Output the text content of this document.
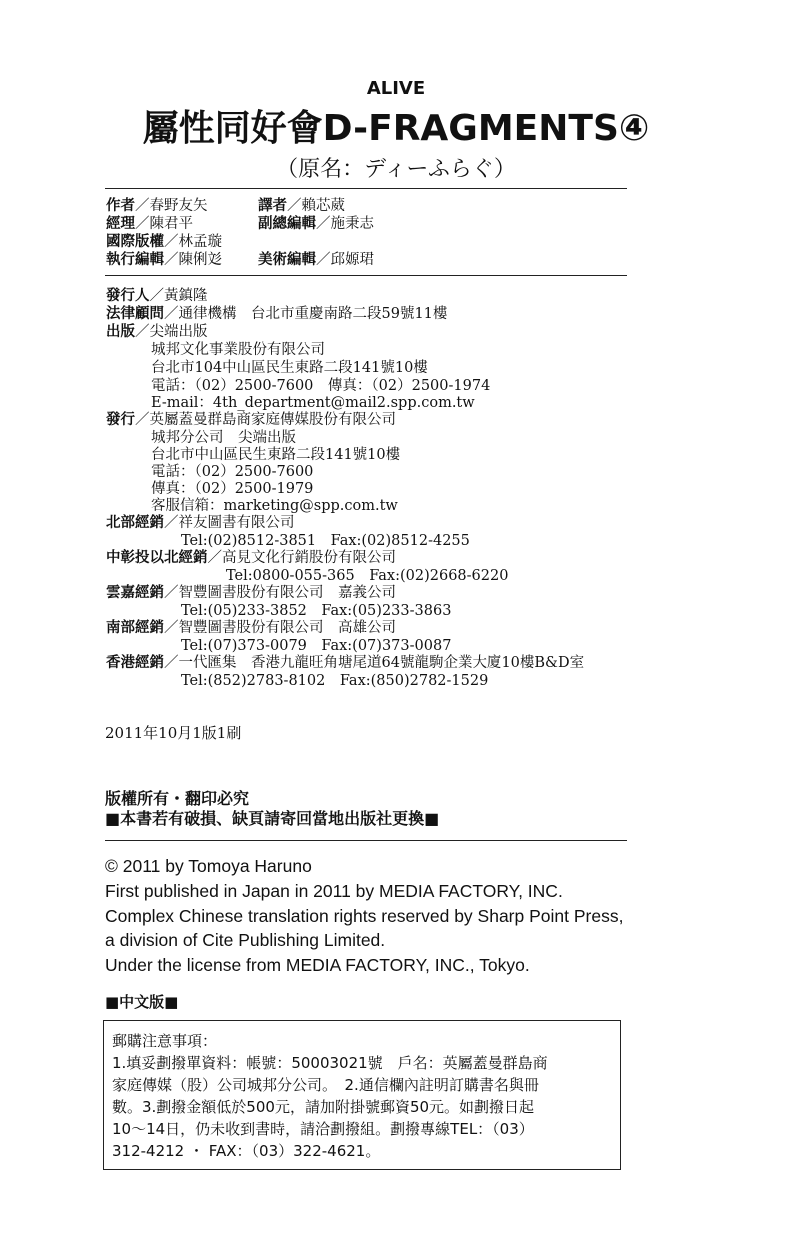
ALIVE
屬性同好會D-FRAGMENTS④
（原名：ディーふらぐ）
作者／春野友矢	譯者／賴芯葳
經理／陳君平	副總編輯／施秉志
國際版權／林孟璇
執行編輯／陳俐彣 美術編輯／邱嫄珺
發行人／黃鎮隆
法律顧問／通律機構　台北市重慶南路二段59號11樓
出版／尖端出版
城邦文化事業股份有限公司
台北市104中山區民生東路二段141號10樓
電話：（02）2500-7600　傳真：（02）2500-1974
E-mail：4th_department@mail2.spp.com.tw
發行／英屬蓋曼群島商家庭傳媒股份有限公司
城邦分公司　尖端出版
台北市中山區民生東路二段141號10樓
電話：（02）2500-7600
傳真：（02）2500-1979
客服信箱：marketing@spp.com.tw
北部經銷／祥友圖書有限公司
Tel:(02)8512-3851　Fax:(02)8512-4255
中彰投以北經銷／高見文化行銷股份有限公司
Tel:0800-055-365　Fax:(02)2668-6220
雲嘉經銷／智豐圖書股份有限公司　嘉義公司
Tel:(05)233-3852　Fax:(05)233-3863
南部經銷／智豐圖書股份有限公司　高雄公司
Tel:(07)373-0079　Fax:(07)373-0087
香港經銷／一代匯集　香港九龍旺角塘尾道64號龍駒企業大廈10樓B&D室
Tel:(852)2783-8102　Fax:(850)2782-1529
2011年10月1版1刷
版權所有・翻印必究
■本書若有破損、缺頁請寄回當地出版社更換■
© 2011 by Tomoya Haruno
First published in Japan in 2011 by MEDIA FACTORY, INC.
Complex Chinese translation rights reserved by Sharp Point Press,
a division of Cite Publishing Limited.
Under the license from MEDIA FACTORY, INC., Tokyo.
■中文版■
郵購注意事項：
1.填妥劃撥單資料：帳號：50003021號　戶名：英屬蓋曼群島商
家庭傳媒（股）公司城邦分公司。　2.通信欄內註明訂購書名與冊
數。3.劃撥金額低於500元，請加附掛號郵資50元。如劃撥日起
10～14日，仍未收到書時，請洽劃撥組。劃撥專線TEL：（03）
312-4212 ・ FAX：（03）322-4621。
